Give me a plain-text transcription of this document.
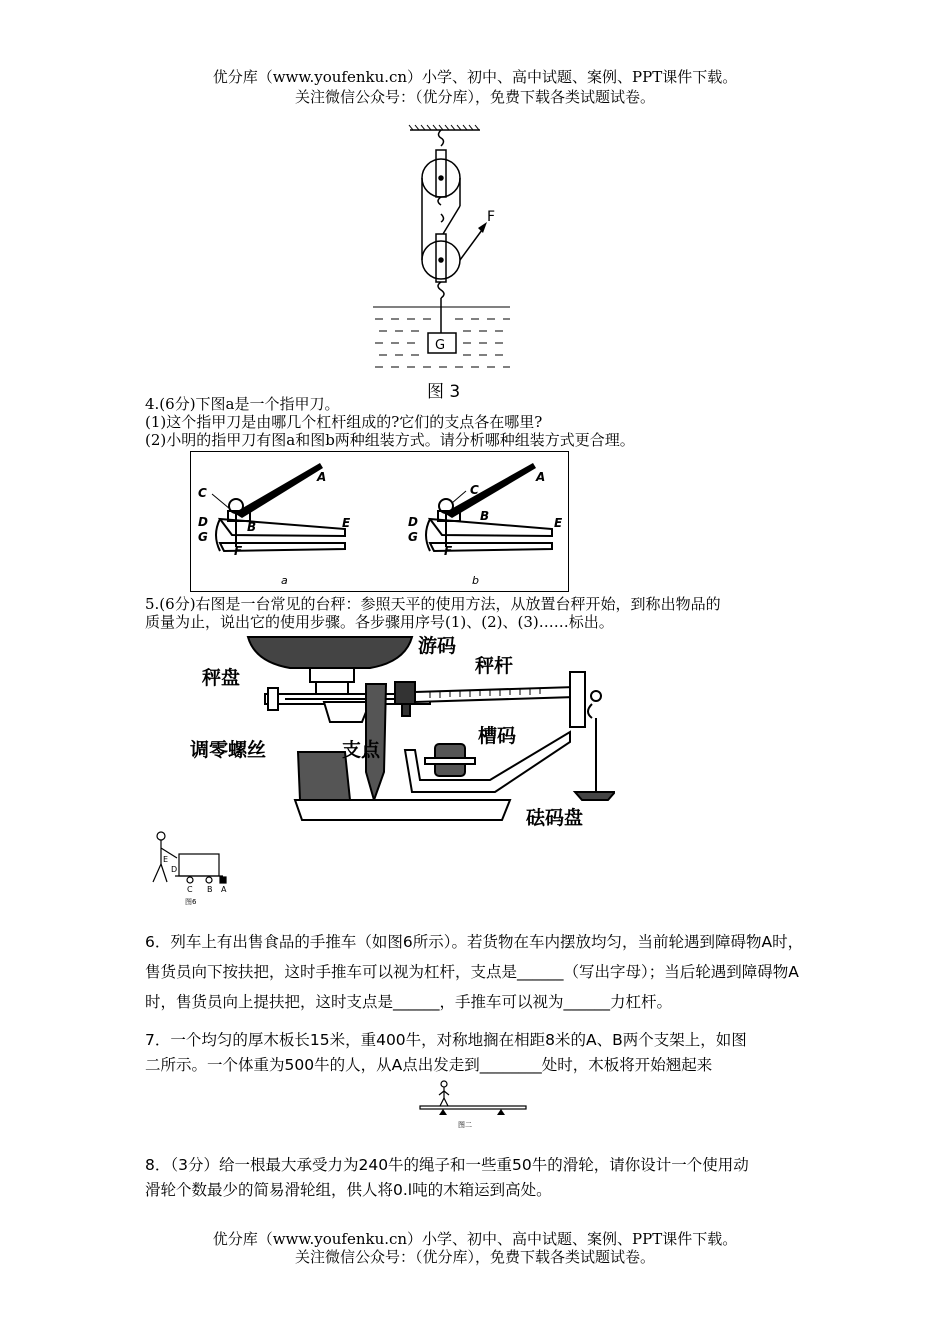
优分库（www.youfenku.cn）小学、初中、高中试题、案例、PPT课件下载。
关注微信公众号：（优分库），免费下载各类试题试卷。
F
G
图 3
4.(6分)下图a是一个指甲刀。
(1)这个指甲刀是由哪几个杠杆组成的?它们的支点各在哪里?
(2)小明的指甲刀有图a和图b两种组装方式。请分析哪种组装方式更合理。
C
A
B
D
G
E
F
a
C
A
B
D
G
E
F
b
5.(6分)右图是一台常见的台秤：参照天平的使用方法，从放置台秤开始，到称出物品的
质量为止，说出它的使用步骤。各步骤用序号(1)、(2)、(3)……标出。
秤盘
游码
秤杆
调零螺丝	支点
槽码
砝码盘
E
D
C B A
图6
6．列车上有出售食品的手推车（如图6所示）。若货物在车内摆放均匀，当前轮遇到障碍物A时，售货员向下按扶把，这时手推车可以视为杠杆，支点是______（写出字母）；当后轮遇到障碍物A时，售货员向上提扶把，这时支点是______，手推车可以视为______力杠杆。
7．一个均匀的厚木板长15米，重400牛，对称地搁在相距8米的A、B两个支架上，如图
二所示。一个体重为500牛的人，从A点出发走到________处时，木板将开始翘起来
图二
8．（3分）给一根最大承受力为240牛的绳子和一些重50牛的滑轮，请你设计一个使用动
滑轮个数最少的简易滑轮组，供人将0.l吨的木箱运到高处。
优分库（www.youfenku.cn）小学、初中、高中试题、案例、PPT课件下载。
关注微信公众号：（优分库），免费下载各类试题试卷。
